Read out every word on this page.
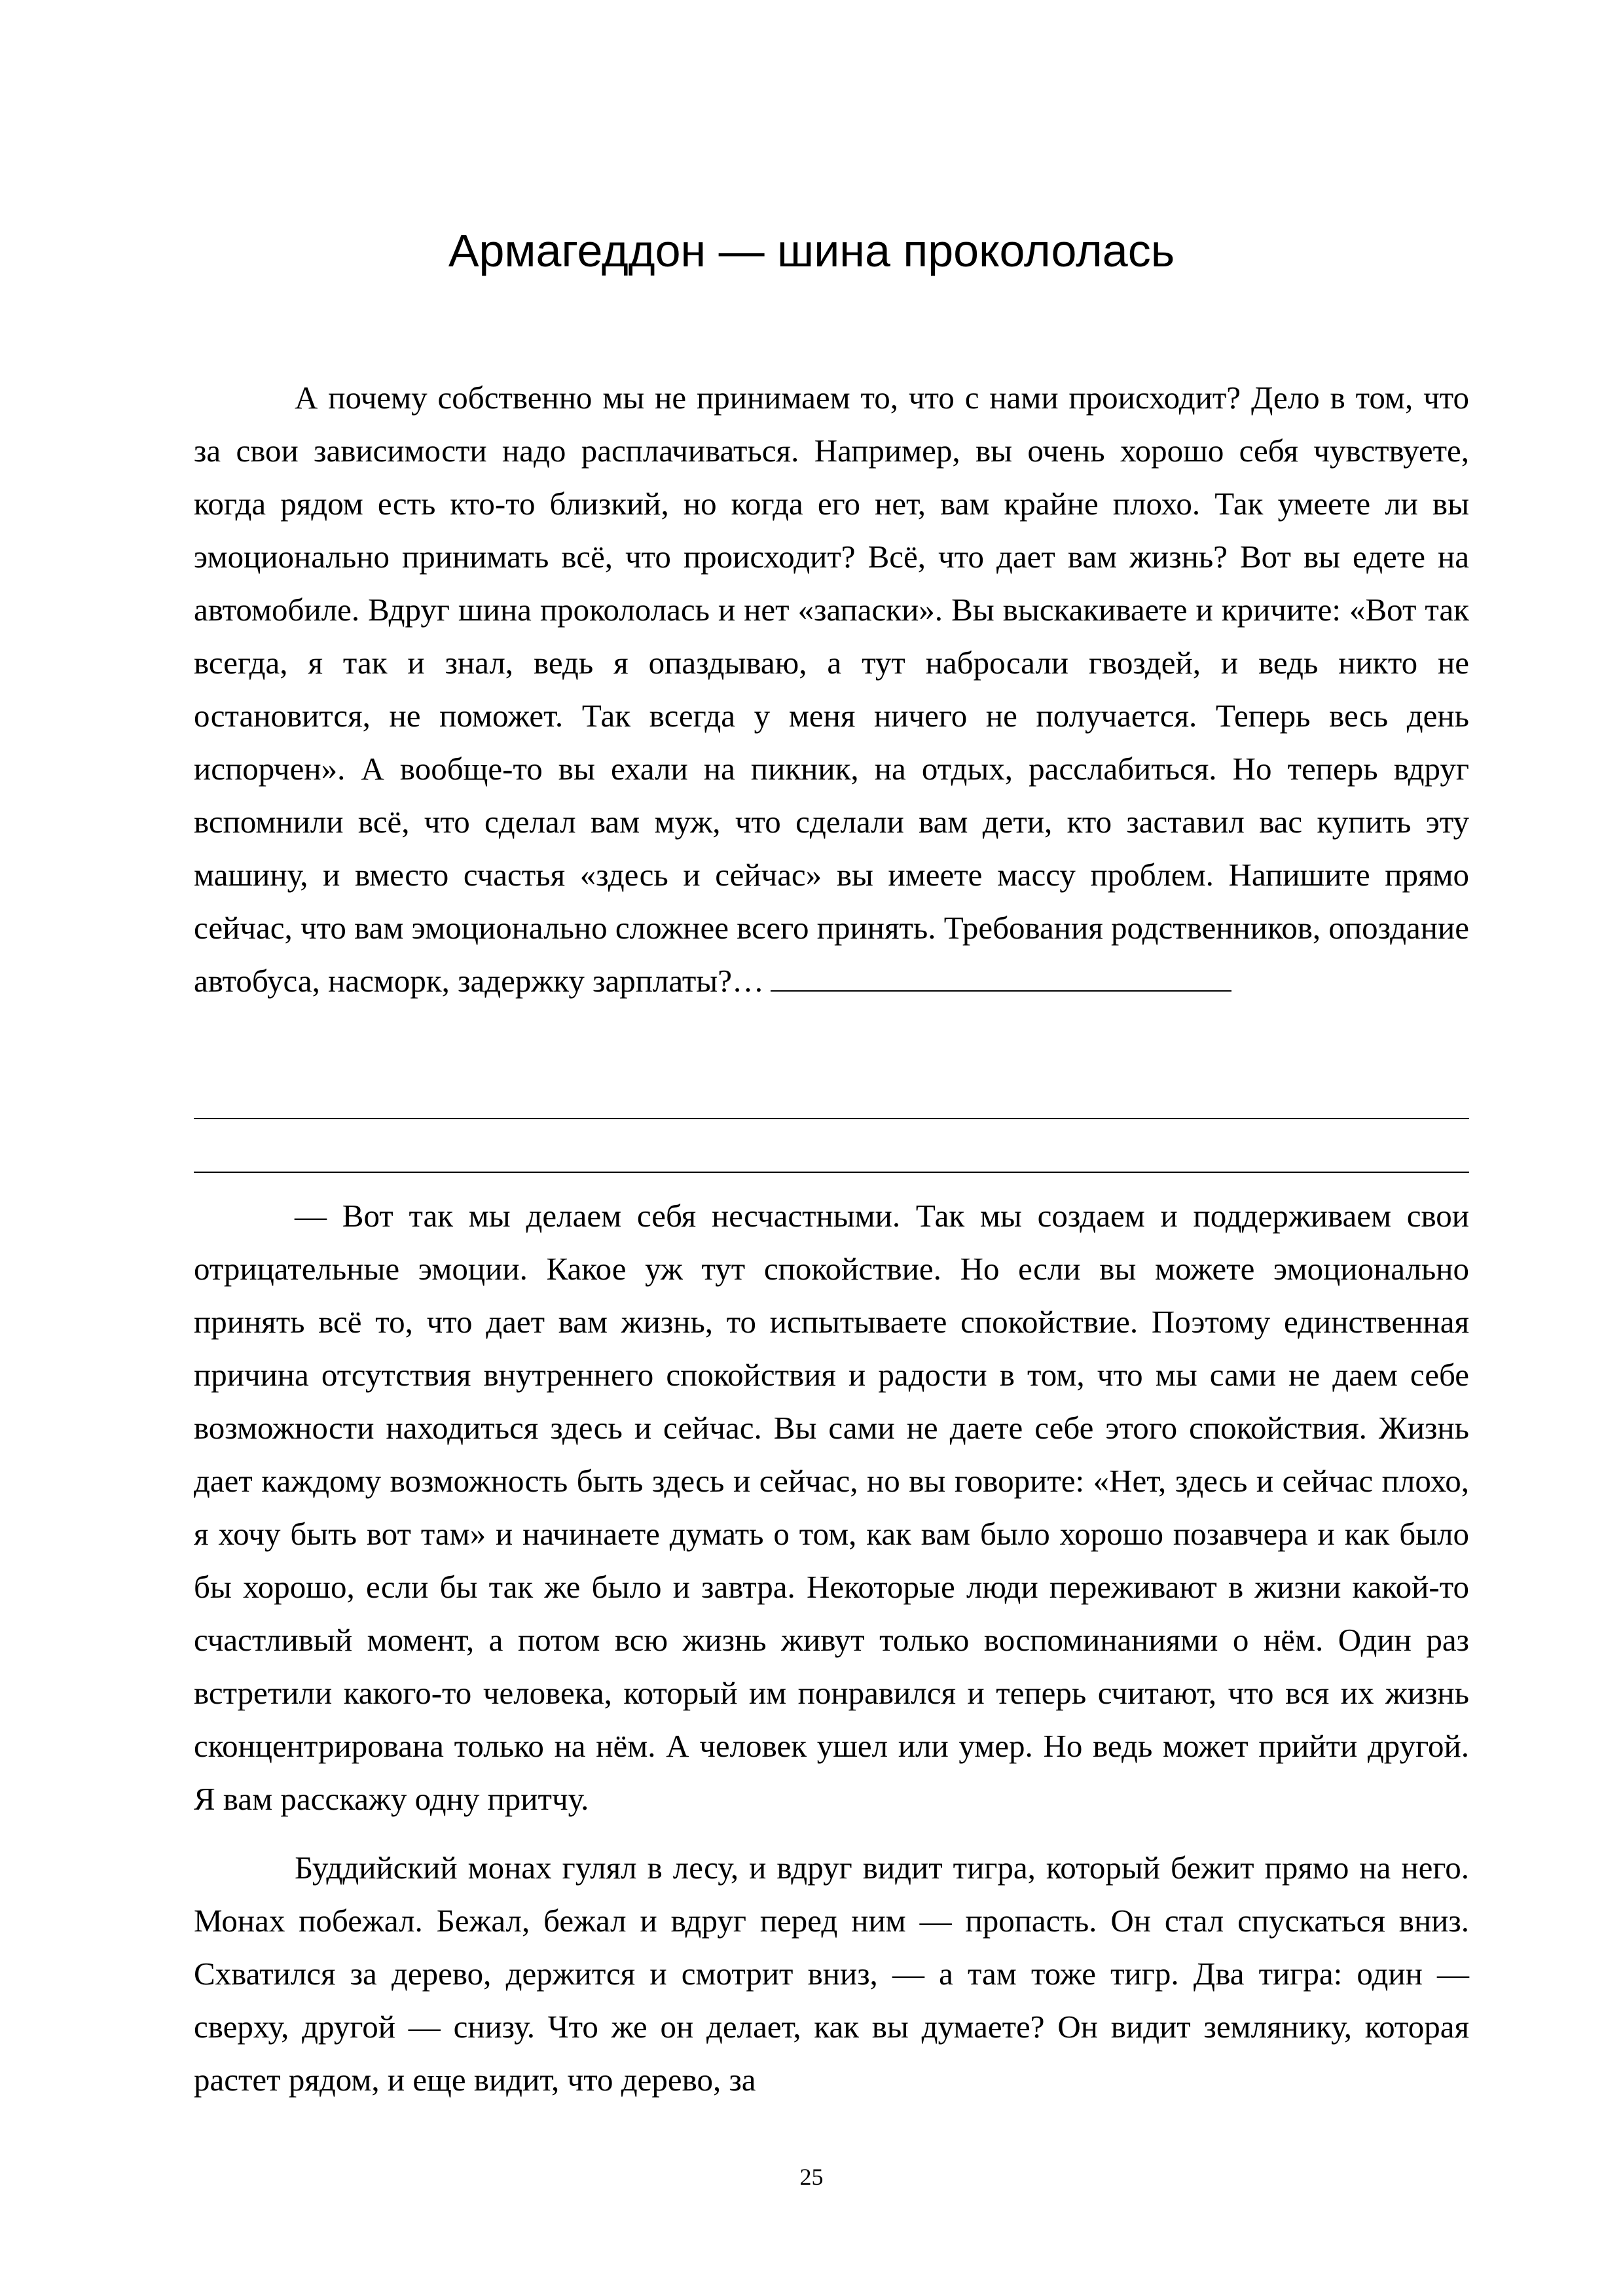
Армагеддон — шина прокололась

А почему собственно мы не принимаем то, что с нами происходит? Дело в том, что за свои зависимости надо расплачиваться. Например, вы очень хорошо себя чувствуете, когда рядом есть кто-то близкий, но когда его нет, вам крайне плохо. Так умеете ли вы эмоционально принимать всё, что происходит? Всё, что дает вам жизнь? Вот вы едете на автомобиле. Вдруг шина прокололась и нет «запаски». Вы выскакиваете и кричите: «Вот так всегда, я так и знал, ведь я опаздываю, а тут набросали гвоздей, и ведь никто не остановится, не поможет. Так всегда у меня ничего не получается. Теперь весь день испорчен». А вообще-то вы ехали на пикник, на отдых, расслабиться. Но теперь вдруг вспомнили всё, что сделал вам муж, что сделали вам дети, кто заставил вас купить эту машину, и вместо счастья «здесь и сейчас» вы имеете массу проблем. Напишите прямо сейчас, что вам эмоционально сложнее всего принять. Требования родственников, опоздание автобуса, насморк, задержку зарплаты?…

— Вот так мы делаем себя несчастными. Так мы создаем и поддерживаем свои отрицательные эмоции. Какое уж тут спокойствие. Но если вы можете эмоционально принять всё то, что дает вам жизнь, то испытываете спокойствие. Поэтому единственная причина отсутствия внутреннего спокойствия и радости в том, что мы сами не даем себе возможности находиться здесь и сейчас. Вы сами не даете себе этого спокойствия. Жизнь дает каждому возможность быть здесь и сейчас, но вы говорите: «Нет, здесь и сейчас плохо, я хочу быть вот там» и начинаете думать о том, как вам было хорошо позавчера и как было бы хорошо, если бы так же было и завтра. Некоторые люди переживают в жизни какой-то счастливый момент, а потом всю жизнь живут только воспоминаниями о нём. Один раз встретили какого-то человека, который им понравился и теперь считают, что вся их жизнь сконцентрирована только на нём. А человек ушел или умер. Но ведь может прийти другой. Я вам расскажу одну притчу.

Буддийский монах гулял в лесу, и вдруг видит тигра, который бежит прямо на него. Монах побежал. Бежал, бежал и вдруг перед ним — пропасть. Он стал спускаться вниз. Схватился за дерево, держится и смотрит вниз, — а там тоже тигр. Два тигра: один — сверху, другой — снизу. Что же он делает, как вы думаете? Он видит землянику, которая растет рядом, и еще видит, что дерево, за

25
